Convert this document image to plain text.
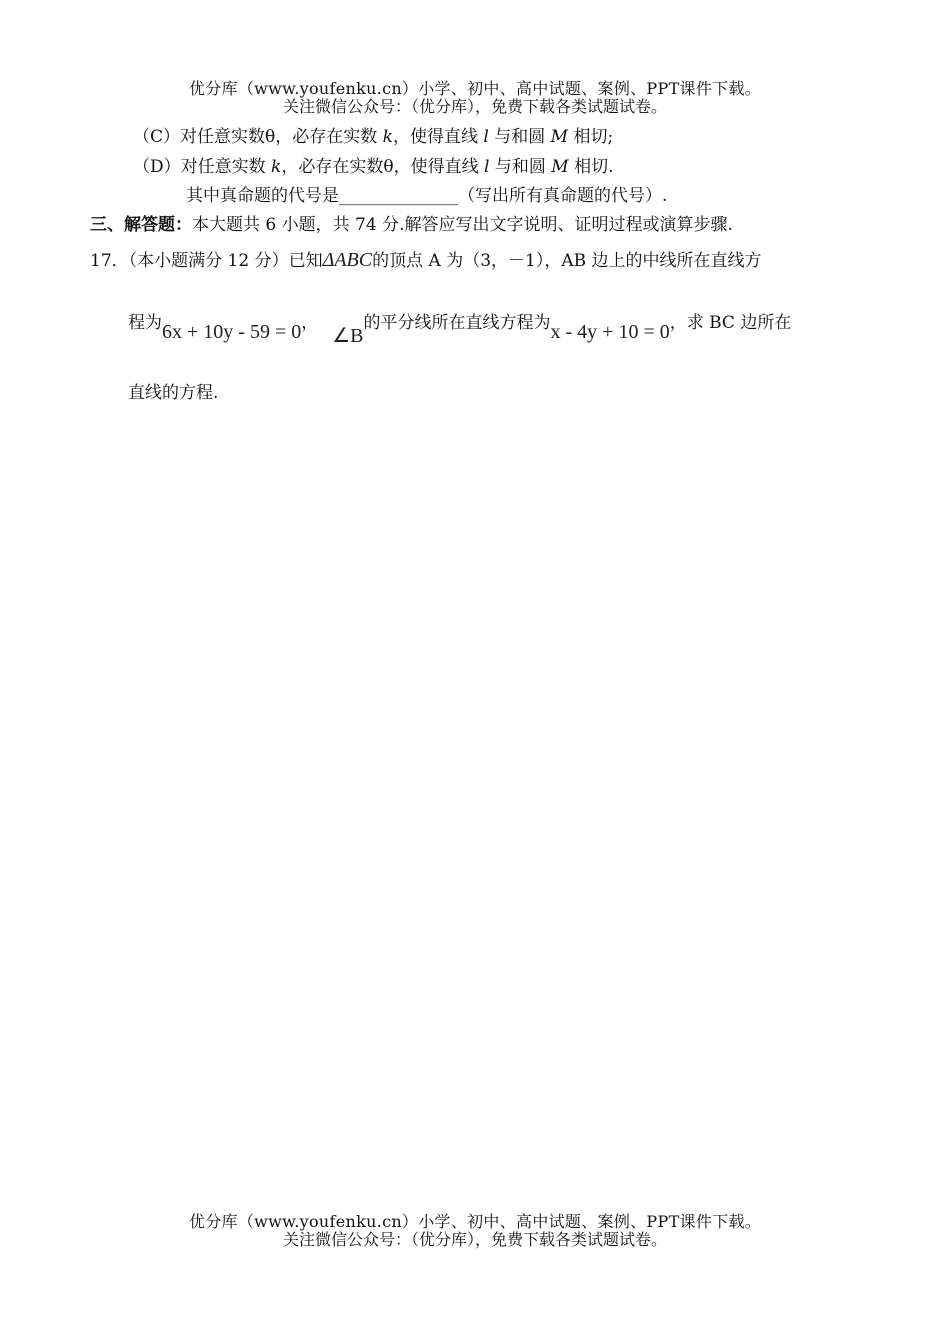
优分库（www.youfenku.cn）小学、初中、高中试题、案例、PPT课件下载。
关注微信公众号：（优分库），免费下载各类试题试卷。
（C）对任意实数θ，必存在实数 k，使得直线 l 与和圆 M 相切;
（D）对任意实数 k，必存在实数θ，使得直线 l 与和圆 M 相切.
其中真命题的代号是______________（写出所有真命题的代号）.
三、解答题：本大题共 6 小题，共 74 分.解答应写出文字说明、证明过程或演算步骤.
17．（本小题满分 12 分）已知ΔABC的顶点 A 为（3，－1），AB 边上的中线所在直线方
程为6x + 10y - 59 = 0，∠B的平分线所在直线方程为x - 4y + 10 = 0，求 BC 边所在
直线的方程.
优分库（www.youfenku.cn）小学、初中、高中试题、案例、PPT课件下载。
关注微信公众号：（优分库），免费下载各类试题试卷。
